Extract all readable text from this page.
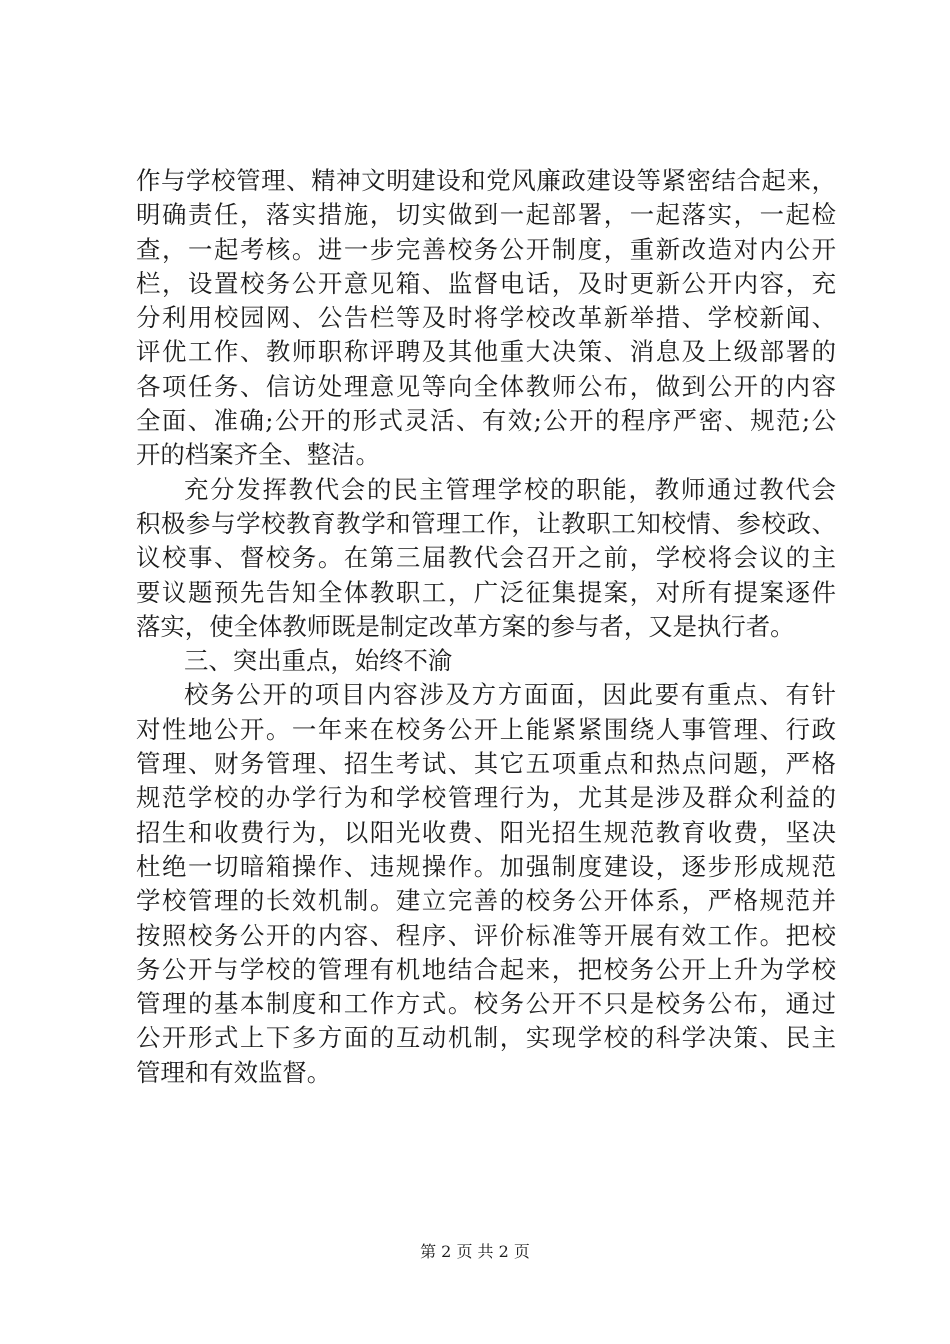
作与学校管理、精神文明建设和党风廉政建设等紧密结合起来，
明确责任，落实措施，切实做到一起部署，一起落实，一起检
查，一起考核。进一步完善校务公开制度，重新改造对内公开
栏，设置校务公开意见箱、监督电话，及时更新公开内容，充
分利用校园网、公告栏等及时将学校改革新举措、学校新闻、
评优工作、教师职称评聘及其他重大决策、消息及上级部署的
各项任务、信访处理意见等向全体教师公布，做到公开的内容
全面、准确;公开的形式灵活、有效;公开的程序严密、规范;公
开的档案齐全、整洁。
充分发挥教代会的民主管理学校的职能，教师通过教代会
积极参与学校教育教学和管理工作，让教职工知校情、参校政、
议校事、督校务。在第三届教代会召开之前，学校将会议的主
要议题预先告知全体教职工，广泛征集提案，对所有提案逐件
落实，使全体教师既是制定改革方案的参与者，又是执行者。
三、突出重点，始终不渝
校务公开的项目内容涉及方方面面，因此要有重点、有针
对性地公开。一年来在校务公开上能紧紧围绕人事管理、行政
管理、财务管理、招生考试、其它五项重点和热点问题，严格
规范学校的办学行为和学校管理行为，尤其是涉及群众利益的
招生和收费行为，以阳光收费、阳光招生规范教育收费，坚决
杜绝一切暗箱操作、违规操作。加强制度建设，逐步形成规范
学校管理的长效机制。建立完善的校务公开体系，严格规范并
按照校务公开的内容、程序、评价标准等开展有效工作。把校
务公开与学校的管理有机地结合起来，把校务公开上升为学校
管理的基本制度和工作方式。校务公开不只是校务公布，通过
公开形式上下多方面的互动机制，实现学校的科学决策、民主
管理和有效监督。
第 2 页 共 2 页
